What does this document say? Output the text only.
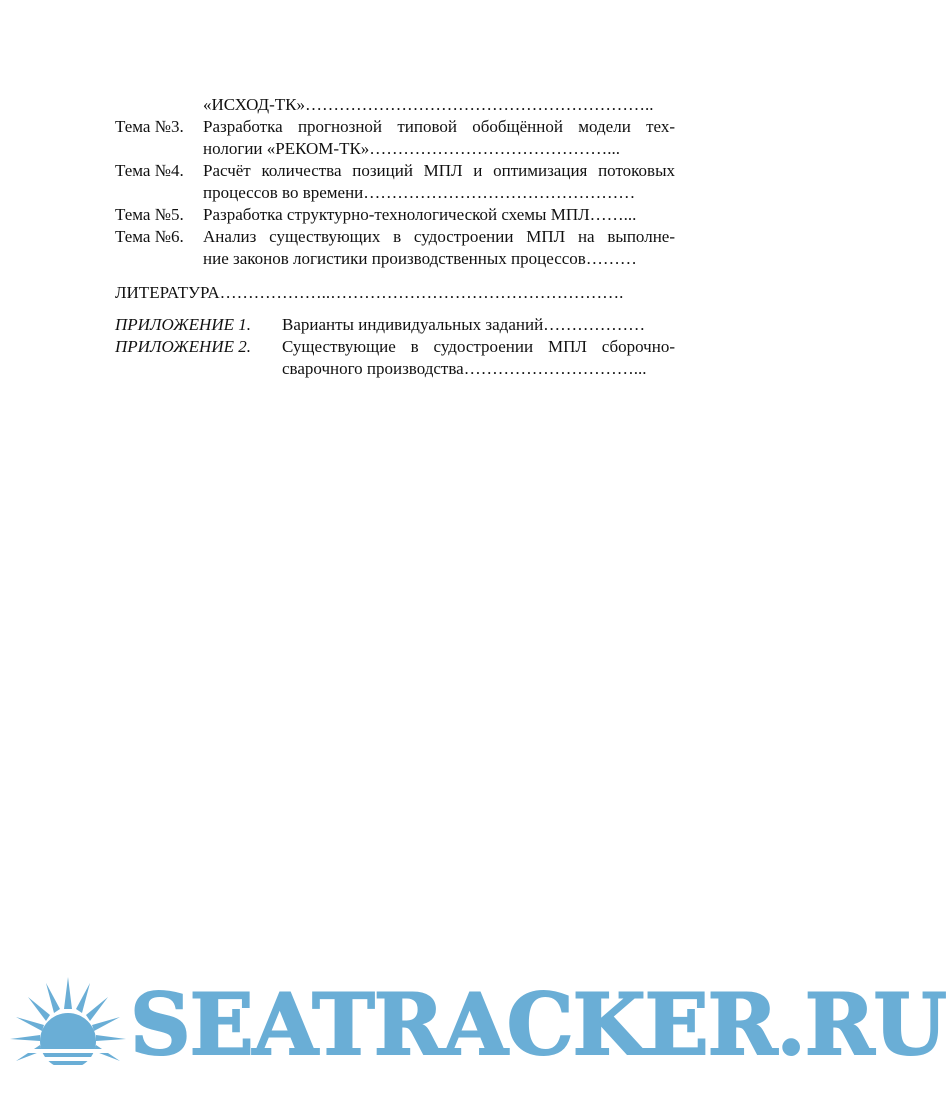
«ИСХОД-ТК»……………………………………………………..
Тема №3.	Разработка прогнозной типовой обобщённой модели тех-
нологии «РЕКОМ-ТК»……………………………………...
Тема №4.	Расчёт количества позиций МПЛ и оптимизация потоковых
процессов во времени…………………………………………
Тема №5.	Разработка структурно-технологической схемы МПЛ……...
Тема №6.	Анализ существующих в судостроении МПЛ на выполне-
ние законов логистики производственных процессов………
ЛИТЕРАТУРА………………..…………………………………………….
ПРИЛОЖЕНИЕ 1.	Варианты индивидуальных заданий………………
ПРИЛОЖЕНИЕ 2.	Существующие в судостроении МПЛ сборочно-
сварочного производства…………………………...
SEATRACKER.RU
